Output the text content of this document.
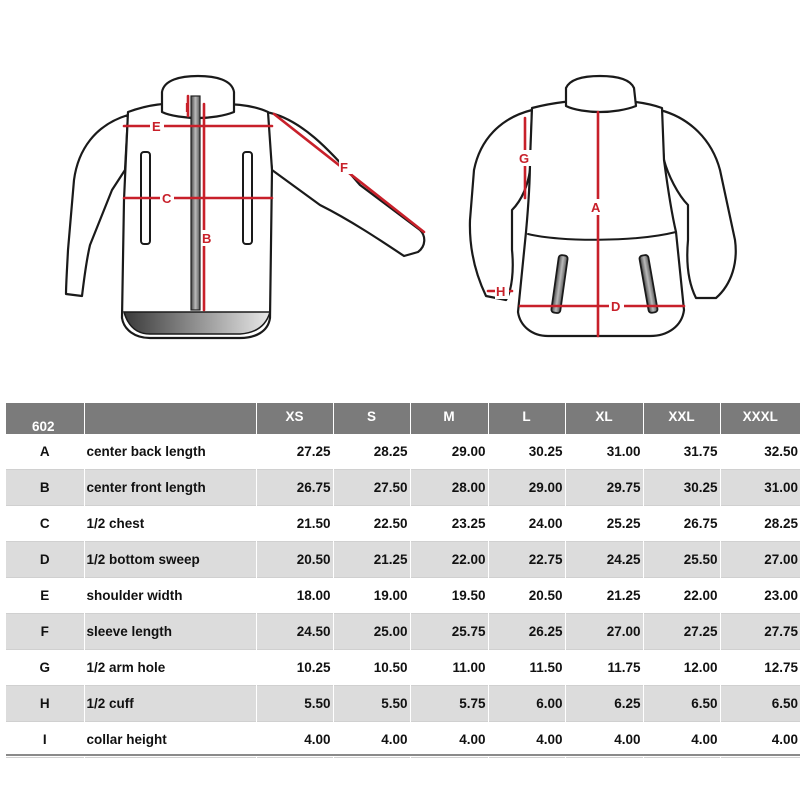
E
C
B
I
F
A
D
G
H
602		XS	S	M	L	XL	XXL	XXXL
A	center back length	27.25	28.25	29.00	30.25	31.00	31.75	32.50
B	center front length	26.75	27.50	28.00	29.00	29.75	30.25	31.00
C	1/2 chest	21.50	22.50	23.25	24.00	25.25	26.75	28.25
D	1/2 bottom sweep	20.50	21.25	22.00	22.75	24.25	25.50	27.00
E	shoulder width	18.00	19.00	19.50	20.50	21.25	22.00	23.00
F	sleeve length	24.50	25.00	25.75	26.25	27.00	27.25	27.75
G	1/2 arm hole	10.25	10.50	11.00	11.50	11.75	12.00	12.75
H	1/2 cuff	5.50	5.50	5.75	6.00	6.25	6.50	6.50
I	collar height	4.00	4.00	4.00	4.00	4.00	4.00	4.00
